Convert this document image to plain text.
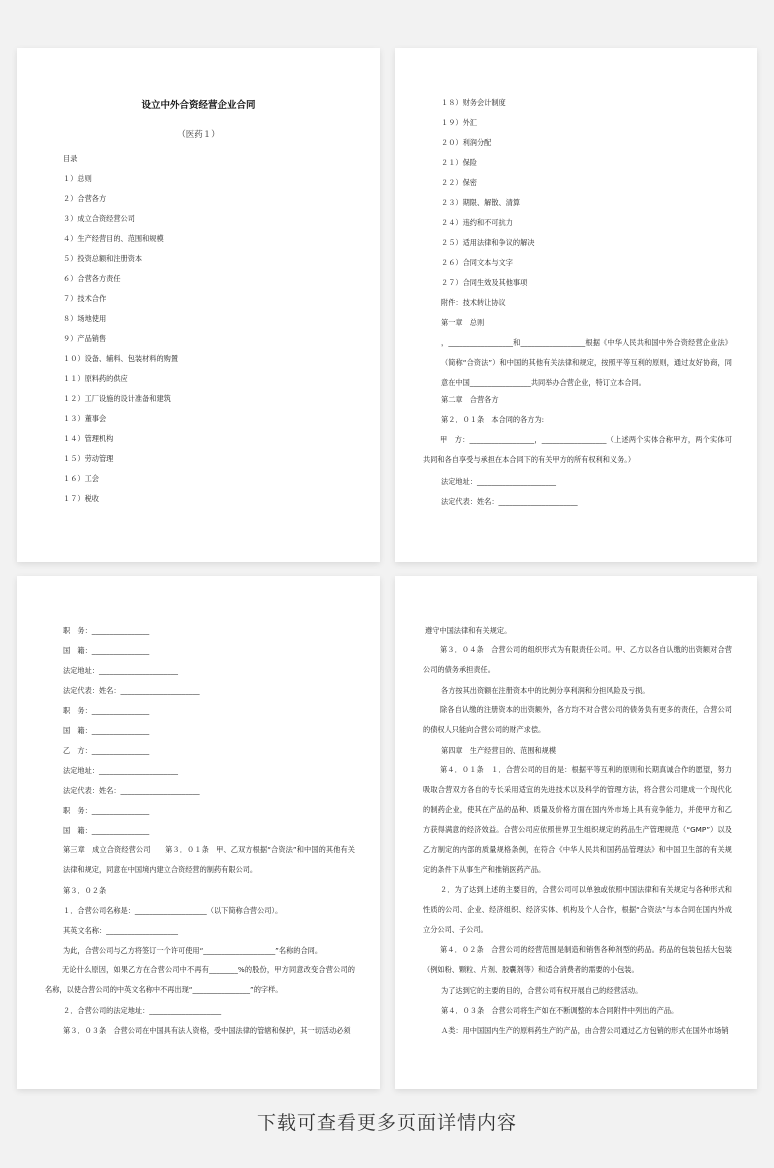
设立中外合资经营企业合同
（医药１）
目录
１）总则
２）合营各方
３）成立合资经营公司
４）生产经营目的、范围和规模
５）投资总额和注册资本
６）合营各方责任
７）技术合作
８）场地使用
９）产品销售
１０）设备、辅料、包装材料的购置
１１）原料药的供应
１２）工厂设施的设计准备和建筑
１３）董事会
１４）管理机构
１５）劳动管理
１６）工会
１７）税收
１８）财务会计制度
１９）外汇
２０）利润分配
２１）保险
２２）保密
２３）期限、解散、清算
２４）违约和不可抗力
２５）适用法律和争议的解决
２６）合同文本与文字
２７）合同生效及其他事项
附件：技术转让协议
第一章　总则
，__________________和__________________根据《中华人民共和国中外合资经营企业法》（简称“合资法”）和中国的其他有关法律和规定，按照平等互利的原则，通过友好协商，同意在中国_________________共同举办合营企业，特订立本合同。
第二章　合营各方
第２．０１条　本合同的各方为:
甲　方：__________________，__________________（上述两个实体合称甲方，两个实体可共同和各自享受与承担在本合同下的有关甲方的所有权利和义务。）
法定地址：______________________
法定代表：姓名：______________________
职　务：________________
国　籍：________________
法定地址：______________________
法定代表：姓名：______________________
职　务：________________
国　籍：________________
乙　方：________________
法定地址：______________________
法定代表：姓名：______________________
职　务：________________
国　籍：________________
第三章　成立合资经营公司　　第３．０１条　甲、乙双方根据“合资法”和中国的其他有关法律和规定，同意在中国境内建立合资经营的制药有限公司。
第３．０２条
１．合营公司名称是：____________________（以下简称合营公司）。
其英文名称：____________________
为此，合营公司与乙方将签订一个许可使用“____________________”名称的合同。
无论什么原因，如果乙方在合营公司中不再有________%的股份，甲方同意改变合营公司的名称，以使合营公司的中英文名称中不再出现“________________”的字样。
２．合营公司的法定地址：____________________
第３．０３条　合营公司在中国具有法人资格，受中国法律的管辖和保护，其一切活动必须
遵守中国法律和有关规定。
第３．０４条　合营公司的组织形式为有限责任公司。甲、乙方以各自认缴的出资额对合营公司的债务承担责任。
各方按其出资额在注册资本中的比例分享利润和分担风险及亏损。
除各自认缴的注册资本的出资额外，各方均不对合营公司的债务负有更多的责任，合营公司的债权人只能向合营公司的财产求偿。
第四章　生产经营目的、范围和规模
第４．０１条　１．合营公司的目的是：根据平等互利的原则和长期真诚合作的愿望，努力吸取合营双方各自的专长采用适宜的先进技术以及科学的管理方法，将合营公司建成一个现代化的制药企业，使其在产品的品种、质量及价格方面在国内外市场上具有竞争能力，并使甲方和乙方获得满意的经济效益。合营公司应依照世界卫生组织规定的药品生产管理规范（“GMP”）以及乙方制定的内部的质量规格条例，在符合《中华人民共和国药品管理法》和中国卫生部的有关规定的条件下从事生产和推销医药产品。
２．为了达到上述的主要目的，合营公司可以单独或依照中国法律和有关规定与各种形式和性质的公司、企业、经济组织、经济实体、机构及个人合作，根据“合资法”与本合同在国内外成立分公司、子公司。
第４．０２条　合营公司的经营范围是制造和销售各种剂型的药品。药品的包装包括大包装（例如粉、颗粒、片剂、胶囊剂等）和适合消费者的需要的小包装。
为了达到它的主要的目的，合营公司有权开展自己的经营活动。
第４．０３条　合营公司将生产如在不断调整的本合同附件中列出的产品。
Ａ类：用中国国内生产的原料药生产的产品，由合营公司通过乙方包销的形式在国外市场销
下载可查看更多页面详情内容
